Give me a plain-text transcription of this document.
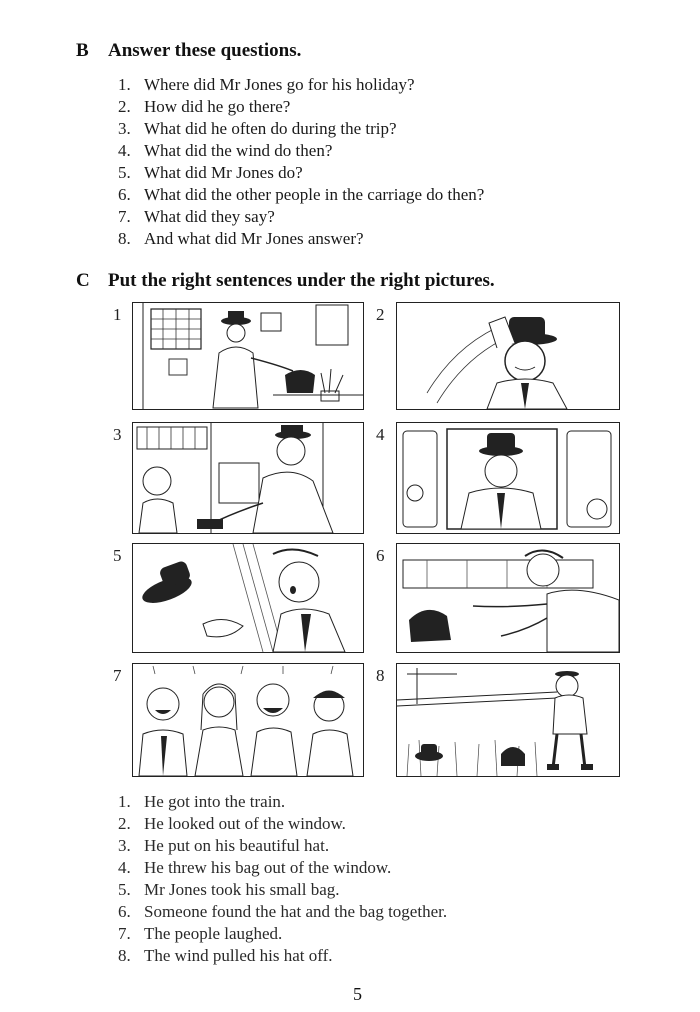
B Answer these questions.
1. Where did Mr Jones go for his holiday?
2. How did he go there?
3. What did he often do during the trip?
4. What did the wind do then?
5. What did Mr Jones do?
6. What did the other people in the carriage do then?
7. What did they say?
8. And what did Mr Jones answer?
C Put the right sentences under the right pictures.
1	2
3	4
5	6
7	8
1. He got into the train.
2. He looked out of the window.
3. He put on his beautiful hat.
4. He threw his bag out of the window.
5. Mr Jones took his small bag.
6. Someone found the hat and the bag together.
7. The people laughed.
8. The wind pulled his hat off.
5
